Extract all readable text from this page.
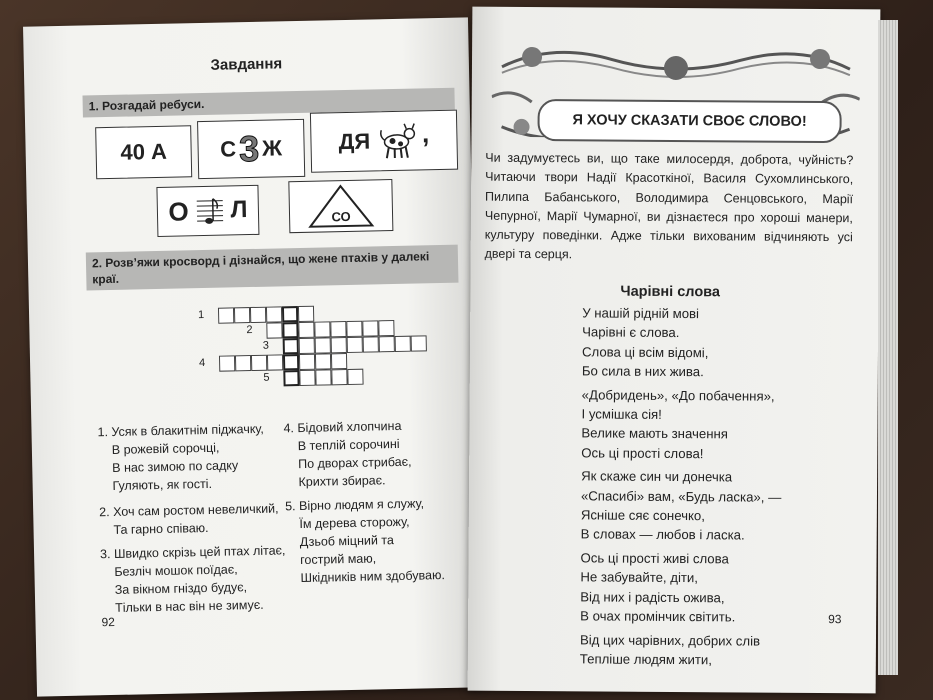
Завдання
1. Розгадай ребуси.
40 А С 3 Ж	ДЯ ,
О Л	СО
2. Розв’яжи кросворд і дізнайся, що жене птахів у далекі краї.
1
2
3
4
5
1. Усяк в блакитнім піджачку,
В рожевій сорочці,
В нас зимою по садку
Гуляють, як гості.
2. Хоч сам ростом невеличкий,
Та гарно співаю.
3. Швидко скрізь цей птах літає,
Безліч мошок поїдає,
За вікном гніздо будує,
Тільки в нас він не зимує.
4. Бідовий хлопчина
В теплій сорочині
По дворах стрибає,
Крихти збирає.
5. Вірно людям я служу,
Їм дерева сторожу,
Дзьоб міцний та
гострий маю,
Шкідників ним здобуваю.
92
Я ХОЧУ СКАЗАТИ СВОЄ СЛОВО!
Чи задумуєтесь ви, що таке милосердя, доброта, чуйність? Читаючи твори Надії Красоткіної, Василя Сухомлинського, Пилипа Бабанського, Володимира Сенцовського, Марії Чепурної, Марії Чумарної, ви дізнаєтеся про хороші манери, культуру поведінки. Адже тільки вихованим відчиняють усі двері та серця.
Чарівні слова
У нашій рідній мові
Чарівні є слова.
Слова ці всім відомі,
Бо сила в них жива.
«Добридень», «До побачення»,
І усмішка сія!
Велике мають значення
Ось ці прості слова!
Як скаже син чи донечка
«Спасибі» вам, «Будь ласка», —
Ясніше сяє сонечко,
В словах — любов і ласка.
Ось ці прості живі слова
Не забувайте, діти,
Від них і радість ожива,
В очах промінчик світить.
Від цих чарівних, добрих слів
Тепліше людям жити,
93
